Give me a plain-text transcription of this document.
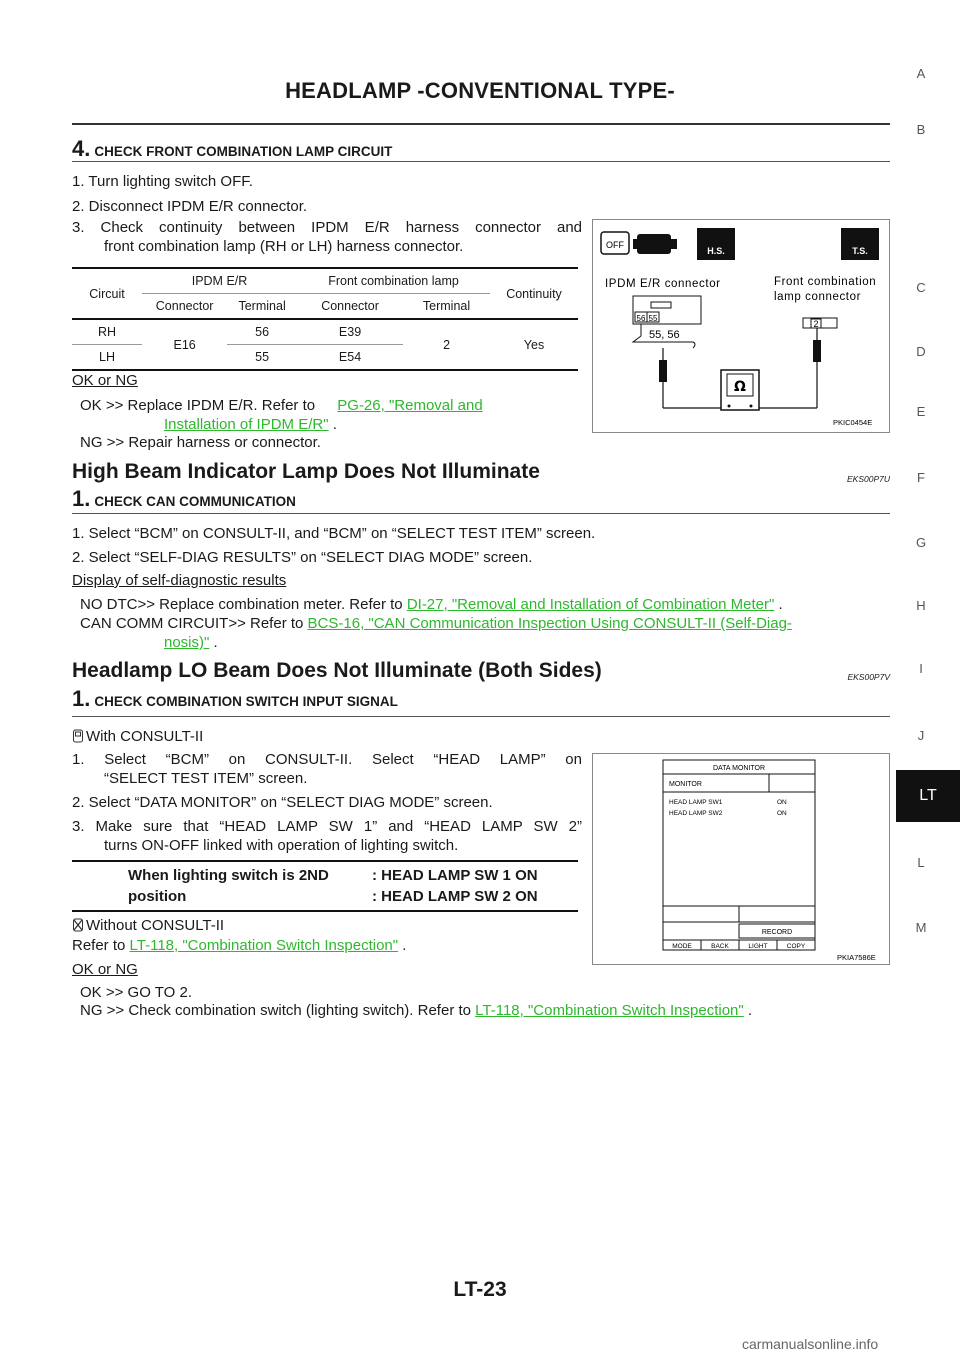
HEADLAMP -CONVENTIONAL TYPE-
A
B
C
D
E
F
G
H
I
J
LT
L
M
4. CHECK FRONT COMBINATION LAMP CIRCUIT
1. Turn lighting switch OFF.
2. Disconnect IPDM E/R connector.
3. Check continuity between IPDM E/R harness connector and
front combination lamp (RH or LH) harness connector.
Circuit	IPDM E/R		Front combination lamp		Continuity
	Connector	Terminal	Connector	Terminal	
RH	E16	56	E39	2	Yes
LH		55	E54		
OK or NG
OK >> Replace IPDM E/R. Refer to PG-26, "Removal and
Installation of IPDM E/R" .
NG >> Repair harness or connector.
OFF
H.S.	T.S.
IPDM E/R connector	Front combination
lamp connector
56 55
55, 56
2
Ω
PKIC0454E
High Beam Indicator Lamp Does Not Illuminate	EKS00P7U
1. CHECK CAN COMMUNICATION
1. Select “BCM” on CONSULT-II, and “BCM” on “SELECT TEST ITEM” screen.
2. Select “SELF-DIAG RESULTS” on “SELECT DIAG MODE” screen.
Display of self-diagnostic results
NO DTC>> Replace combination meter. Refer to DI-27, "Removal and Installation of Combination Meter" .
CAN COMM CIRCUIT>> Refer to BCS-16, "CAN Communication Inspection Using CONSULT-II (Self-Diag-
nosis)" .
Headlamp LO Beam Does Not Illuminate (Both Sides)	EKS00P7V
1. CHECK COMBINATION SWITCH INPUT SIGNAL
With CONSULT-II
1. Select “BCM” on CONSULT-II. Select “HEAD LAMP” on
“SELECT TEST ITEM” screen.
2. Select “DATA MONITOR” on “SELECT DIAG MODE” screen.
3. Make sure that “HEAD LAMP SW 1” and “HEAD LAMP SW 2”
turns ON-OFF linked with operation of lighting switch.
When lighting switch is 2ND
position
: HEAD LAMP SW 1 ON
: HEAD LAMP SW 2 ON
Without CONSULT-II
Refer to LT-118, "Combination Switch Inspection" .
OK or NG
OK >> GO TO 2.
NG >> Check combination switch (lighting switch). Refer to LT-118, "Combination Switch Inspection" .
DATA MONITOR
MONITOR
HEAD LAMP SW1	ON
HEAD LAMP SW2	ON
RECORD
MODE	BACK	LIGHT	COPY
PKIA7586E
LT-23
carmanualsonline.info
